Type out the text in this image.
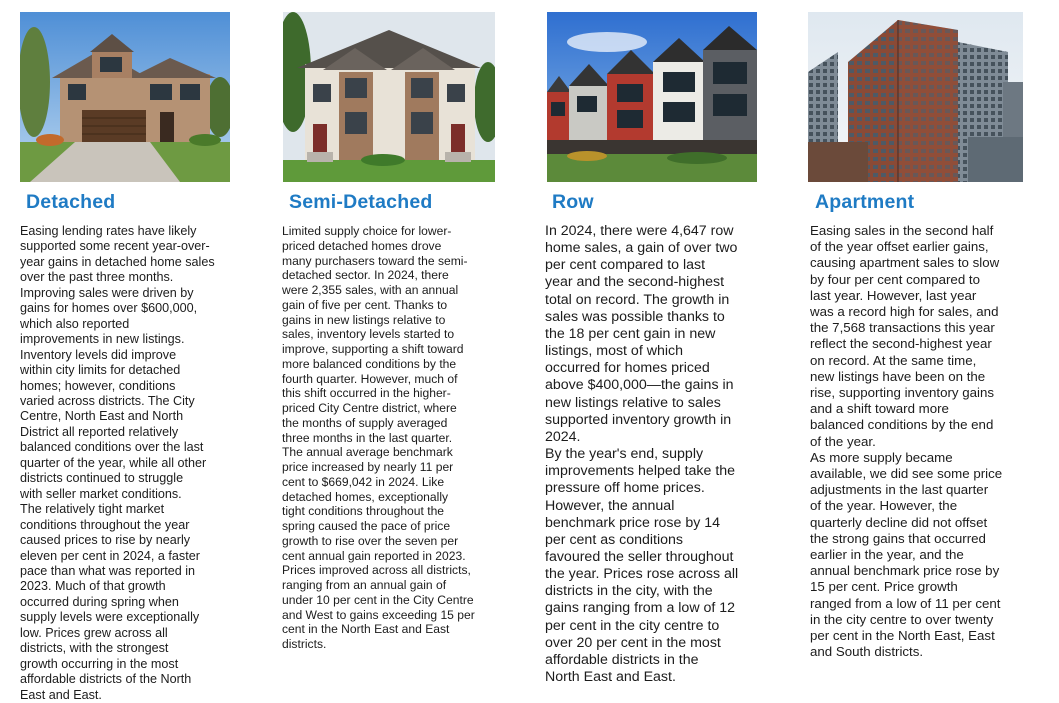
Detached

Easing lending rates have likely
supported some recent year-over-
year gains in detached home sales
over the past three months.
Improving sales were driven by
gains for homes over $600,000,
which also reported
improvements in new listings.
Inventory levels did improve
within city limits for detached
homes; however, conditions
varied across districts. The City
Centre, North East and North
District all reported relatively
balanced conditions over the last
quarter of the year, while all other
districts continued to struggle
with seller market conditions.
The relatively tight market
conditions throughout the year
caused prices to rise by nearly
eleven per cent in 2024, a faster
pace than what was reported in
2023. Much of that growth
occurred during spring when
supply levels were exceptionally
low. Prices grew across all
districts, with the strongest
growth occurring in the most
affordable districts of the North
East and East.

Semi-Detached

Limited supply choice for lower-
priced detached homes drove
many purchasers toward the semi-
detached sector. In 2024, there
were 2,355 sales, with an annual
gain of five per cent. Thanks to
gains in new listings relative to
sales, inventory levels started to
improve, supporting a shift toward
more balanced conditions by the
fourth quarter. However, much of
this shift occurred in the higher-
priced City Centre district, where
the months of supply averaged
three months in the last quarter.
The annual average benchmark
price increased by nearly 11 per
cent to $669,042 in 2024. Like
detached homes, exceptionally
tight conditions throughout the
spring caused the pace of price
growth to rise over the seven per
cent annual gain reported in 2023.
Prices improved across all districts,
ranging from an annual gain of
under 10 per cent in the City Centre
and West to gains exceeding 15 per
cent in the North East and East
districts.

Row

In 2024, there were 4,647 row
home sales, a gain of over two
per cent compared to last
year and the second-highest
total on record. The growth in
sales was possible thanks to
the 18 per cent gain in new
listings, most of which
occurred for homes priced
above $400,000—the gains in
new listings relative to sales
supported inventory growth in
2024.
By the year's end, supply
improvements helped take the
pressure off home prices.
However, the annual
benchmark price rose by 14
per cent as conditions
favoured the seller throughout
the year. Prices rose across all
districts in the city, with the
gains ranging from a low of 12
per cent in the city centre to
over 20 per cent in the most
affordable districts in the
North East and East.

Apartment

Easing sales in the second half
of the year offset earlier gains,
causing apartment sales to slow
by four per cent compared to
last year. However, last year
was a record high for sales, and
the 7,568 transactions this year
reflect the second-highest year
on record. At the same time,
new listings have been on the
rise, supporting inventory gains
and a shift toward more
balanced conditions by the end
of the year.
As more supply became
available, we did see some price
adjustments in the last quarter
of the year. However, the
quarterly decline did not offset
the strong gains that occurred
earlier in the year, and the
annual benchmark price rose by
15 per cent. Price growth
ranged from a low of 11 per cent
in the city centre to over twenty
per cent in the North East, East
and South districts.
